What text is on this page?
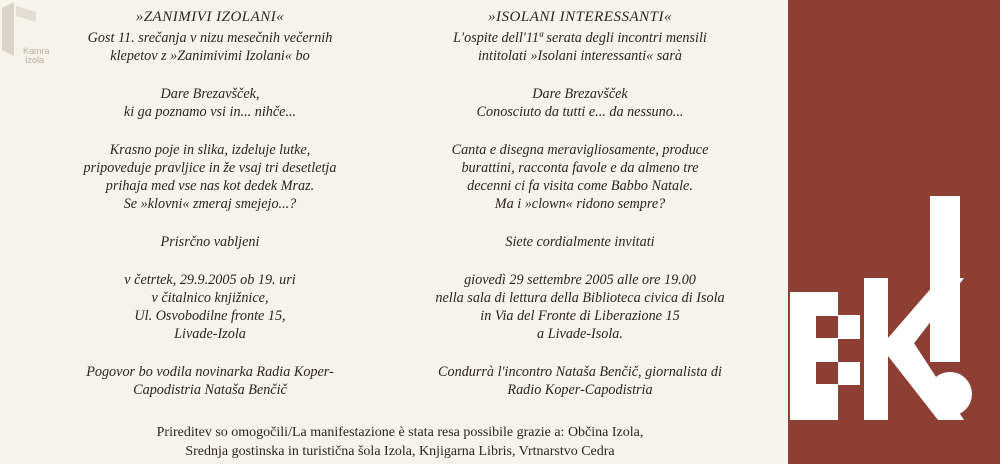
Kamra
Izola
»ZANIMIVI IZOLANI«
Gost 11. srečanja v nizu mesečnih večernih
klepetov z »Zanimivimi Izolani« bo
Dare Brezavšček,
ki ga poznamo vsi in... nihče...
Krasno poje in slika, izdeluje lutke,
pripoveduje pravljice in že vsaj tri desetletja
prihaja med vse nas kot dedek Mraz.
Se »klovni« zmeraj smejejo...?
Prisrčno vabljeni
v četrtek, 29.9.2005 ob 19. uri
v čitalnico knjižnice,
Ul. Osvobodilne fronte 15,
Livade-Izola
Pogovor bo vodila novinarka Radia Koper-
Capodistria Nataša Benčič
»ISOLANI INTERESSANTI«
L'ospite dell'11ª serata degli incontri mensili
intitolati »Isolani interessanti« sarà
Dare Brezavšček
Conosciuto da tutti e... da nessuno...
Canta e disegna meravigliosamente, produce
burattini, racconta favole e da almeno tre
decenni ci fa visita come Babbo Natale.
Ma i »clown« ridono sempre?
Siete cordialmente invitati
giovedì 29 settembre 2005 alle ore 19.00
nella sala di lettura della Biblioteca civica di Isola
in Via del Fronte di Liberazione 15
a Livade-Isola.
Condurrà l'incontro Nataša Benčič, giornalista di
Radio Koper-Capodistria
Prireditev so omogočili/La manifestazione è stata resa possibile grazie a: Občina Izola,
Srednja gostinska in turistična šola Izola, Knjigarna Libris, Vrtnarstvo Cedra
